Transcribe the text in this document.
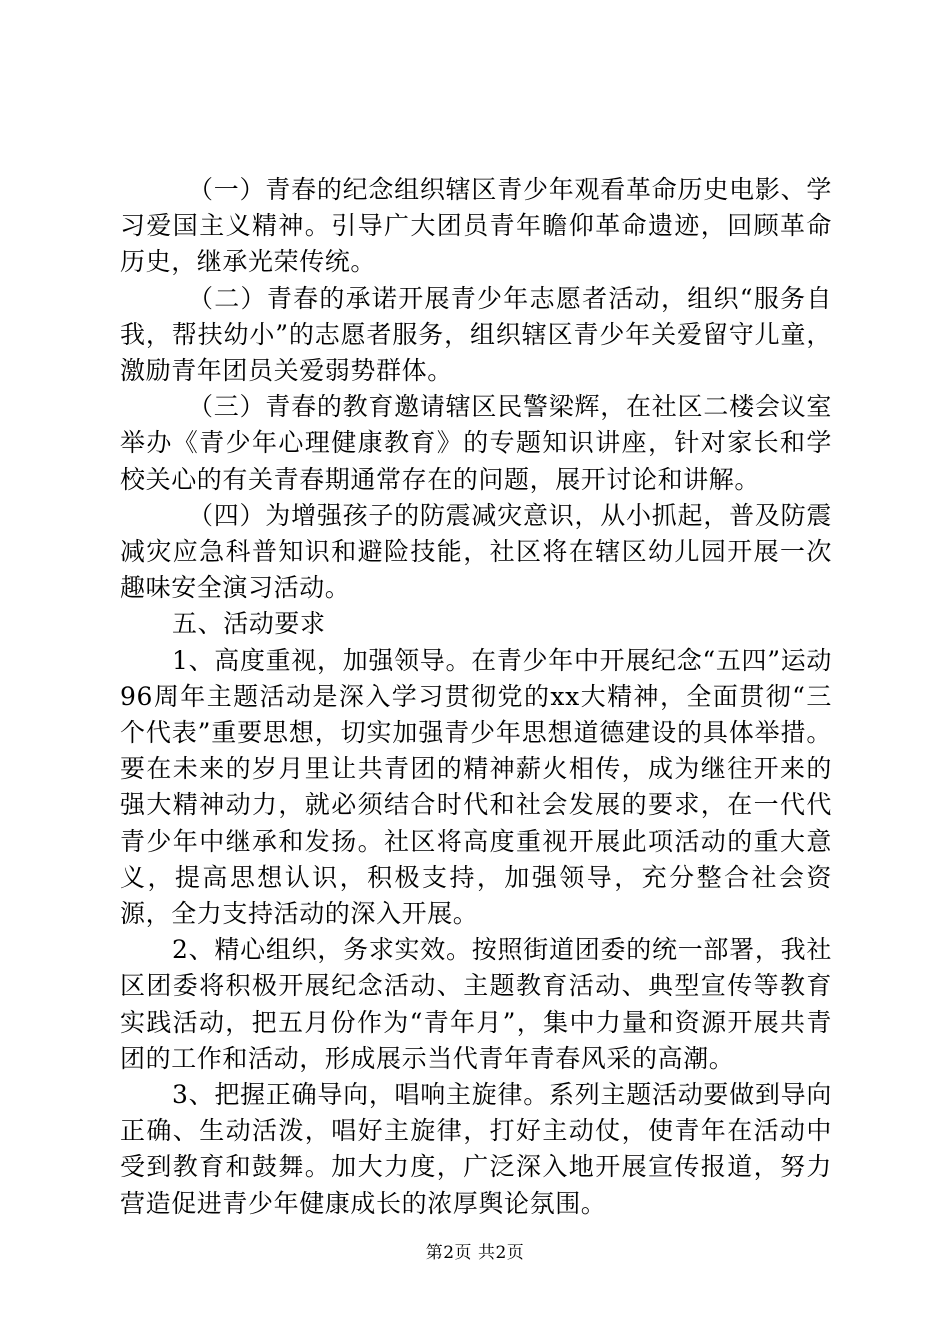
（一）青春的纪念组织辖区青少年观看革命历史电影、学习爱国主义精神。引导广大团员青年瞻仰革命遗迹，回顾革命历史，继承光荣传统。

（二）青春的承诺开展青少年志愿者活动，组织“服务自我，帮扶幼小”的志愿者服务，组织辖区青少年关爱留守儿童，激励青年团员关爱弱势群体。

（三）青春的教育邀请辖区民警梁辉，在社区二楼会议室举办《青少年心理健康教育》的专题知识讲座，针对家长和学校关心的有关青春期通常存在的问题，展开讨论和讲解。

（四）为增强孩子的防震减灾意识，从小抓起，普及防震减灾应急科普知识和避险技能，社区将在辖区幼儿园开展一次趣味安全演习活动。

五、活动要求

1、高度重视，加强领导。在青少年中开展纪念“五四”运动96周年主题活动是深入学习贯彻党的xx大精神，全面贯彻“三个代表”重要思想，切实加强青少年思想道德建设的具体举措。要在未来的岁月里让共青团的精神薪火相传，成为继往开来的强大精神动力，就必须结合时代和社会发展的要求，在一代代青少年中继承和发扬。社区将高度重视开展此项活动的重大意义，提高思想认识，积极支持，加强领导，充分整合社会资源，全力支持活动的深入开展。

2、精心组织，务求实效。按照街道团委的统一部署，我社区团委将积极开展纪念活动、主题教育活动、典型宣传等教育实践活动，把五月份作为“青年月”，集中力量和资源开展共青团的工作和活动，形成展示当代青年青春风采的高潮。

3、把握正确导向，唱响主旋律。系列主题活动要做到导向正确、生动活泼，唱好主旋律，打好主动仗，使青年在活动中受到教育和鼓舞。加大力度，广泛深入地开展宣传报道，努力营造促进青少年健康成长的浓厚舆论氛围。

第2页 共2页
